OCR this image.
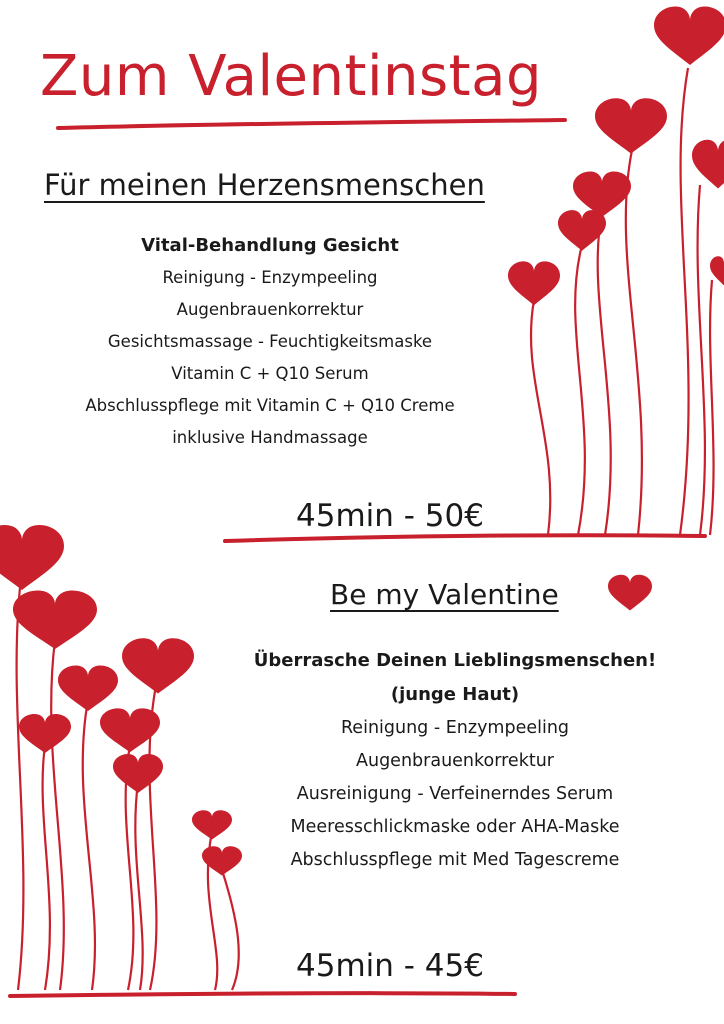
Zum Valentinstag
Für meinen Herzensmenschen
Vital-Behandlung Gesicht
Reinigung - Enzympeeling
Augenbrauenkorrektur
Gesichtsmassage - Feuchtigkeitsmaske
Vitamin C + Q10 Serum
Abschlusspflege mit Vitamin C + Q10 Creme
inklusive Handmassage
45min - 50€
Be my Valentine
Überrasche Deinen Lieblingsmenschen!
(junge Haut)
Reinigung - Enzympeeling
Augenbrauenkorrektur
Ausreinigung - Verfeinerndes Serum
Meeresschlickmaske oder AHA-Maske
Abschlusspflege mit Med Tagescreme
45min - 45€
